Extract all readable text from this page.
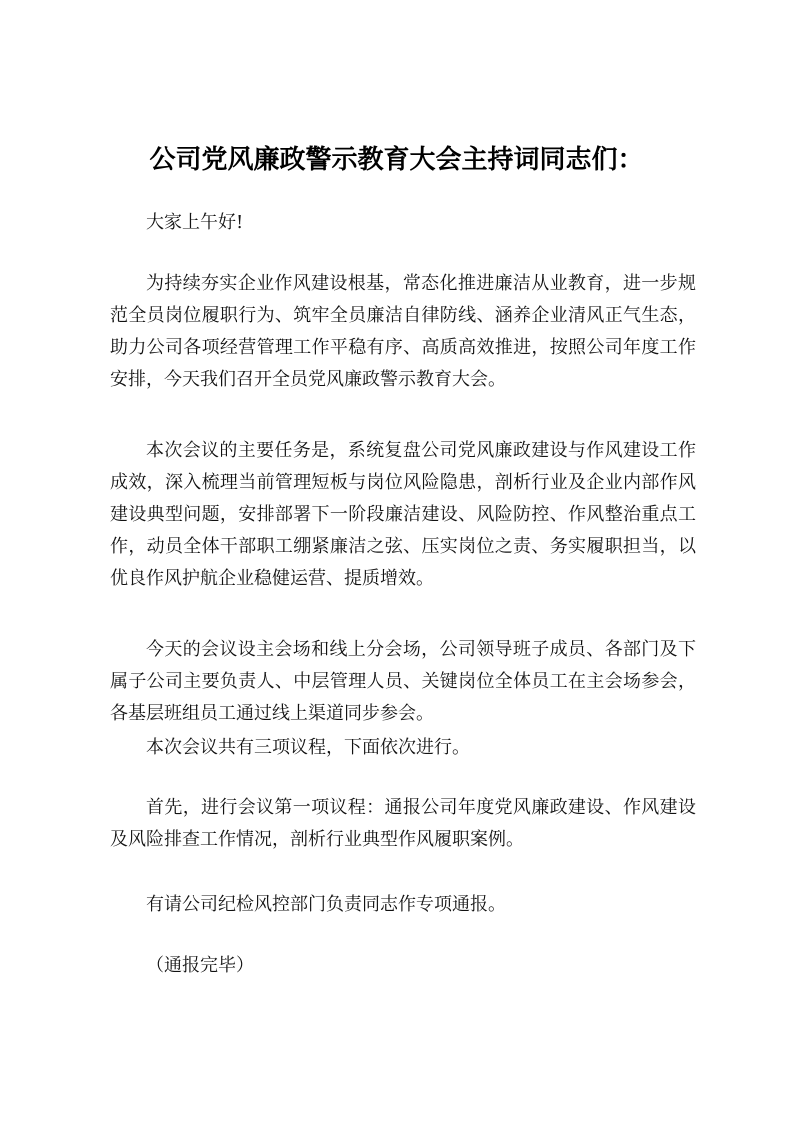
公司党风廉政警示教育大会主持词同志们：

大家上午好!

为持续夯实企业作风建设根基，常态化推进廉洁从业教育，进一步规范全员岗位履职行为、筑牢全员廉洁自律防线、涵养企业清风正气生态，助力公司各项经营管理工作平稳有序、高质高效推进，按照公司年度工作安排，今天我们召开全员党风廉政警示教育大会。

本次会议的主要任务是，系统复盘公司党风廉政建设与作风建设工作成效，深入梳理当前管理短板与岗位风险隐患，剖析行业及企业内部作风建设典型问题，安排部署下一阶段廉洁建设、风险防控、作风整治重点工作，动员全体干部职工绷紧廉洁之弦、压实岗位之责、务实履职担当，以优良作风护航企业稳健运营、提质增效。

今天的会议设主会场和线上分会场，公司领导班子成员、各部门及下属子公司主要负责人、中层管理人员、关键岗位全体员工在主会场参会，各基层班组员工通过线上渠道同步参会。

本次会议共有三项议程，下面依次进行。

首先，进行会议第一项议程：通报公司年度党风廉政建设、作风建设及风险排查工作情况，剖析行业典型作风履职案例。

有请公司纪检风控部门负责同志作专项通报。

（通报完毕）
